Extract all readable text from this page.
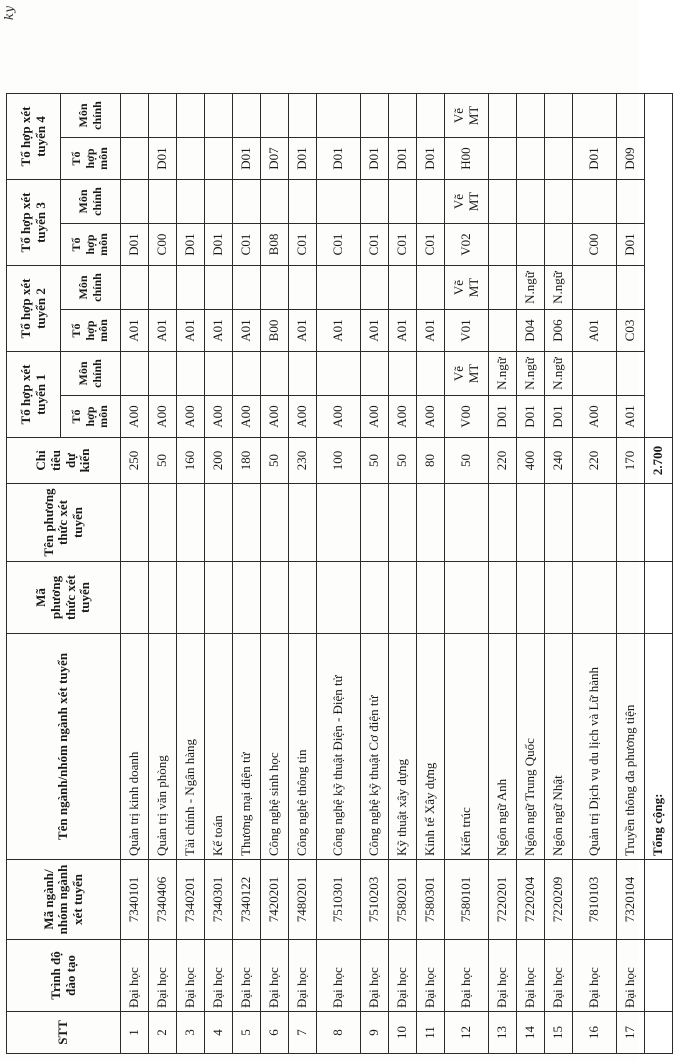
STT	Trình độ đào tạo	Mã ngành/ nhóm ngành xét tuyển	Tên ngành/nhóm ngành xét tuyển	Mã phương thức xét tuyển	Tên phương thức xét tuyển	Chỉ tiêu dự kiến	Tổ hợp xét tuyển 1		Tổ hợp xét tuyển 2		Tổ hợp xét tuyển 3		Tổ hợp xét tuyển 4	
							Tổ hợp môn	Môn chính	Tổ hợp môn	Môn chính	Tổ hợp môn	Môn chính	Tổ hợp môn	Môn chính
1	Đại học	7340101	Quản trị kinh doanh			250	A00		A01		D01			
2	Đại học	7340406	Quản trị văn phòng			50	A00		A01		C00		D01	
3	Đại học	7340201	Tài chính - Ngân hàng			160	A00		A01		D01			
4	Đại học	7340301	Kế toán			200	A00		A01		D01			
5	Đại học	7340122	Thương mại điện tử			180	A00		A01		C01		D01	
6	Đại học	7420201	Công nghệ sinh học			50	A00		B00		B08		D07	
7	Đại học	7480201	Công nghệ thông tin			230	A00		A01		C01		D01	
8	Đại học	7510301	Công nghệ kỹ thuật Điện - Điện tử			100	A00		A01		C01		D01	
9	Đại học	7510203	Công nghệ kỹ thuật Cơ điện tử			50	A00		A01		C01		D01	
10	Đại học	7580201	Kỹ thuật xây dựng			50	A00		A01		C01		D01	
11	Đại học	7580301	Kinh tế Xây dựng			80	A00		A01		C01		D01	
12	Đại học	7580101	Kiến trúc			50	V00	Vẽ MT	V01	Vẽ MT	V02	Vẽ MT	H00	Vẽ MT
13	Đại học	7220201	Ngôn ngữ Anh			220	D01	N.ngữ						
14	Đại học	7220204	Ngôn ngữ Trung Quốc			400	D01	N.ngữ	D04	N.ngữ				
15	Đại học	7220209	Ngôn ngữ Nhật			240	D01	N.ngữ	D06	N.ngữ				
16	Đại học	7810103	Quản trị Dịch vụ du lịch và Lữ hành			220	A00		A01		C00		D01	
17	Đại học	7320104	Truyền thông đa phương tiện			170	A01		C03		D01		D09	
			Tổng cộng:			2.700								
ky
